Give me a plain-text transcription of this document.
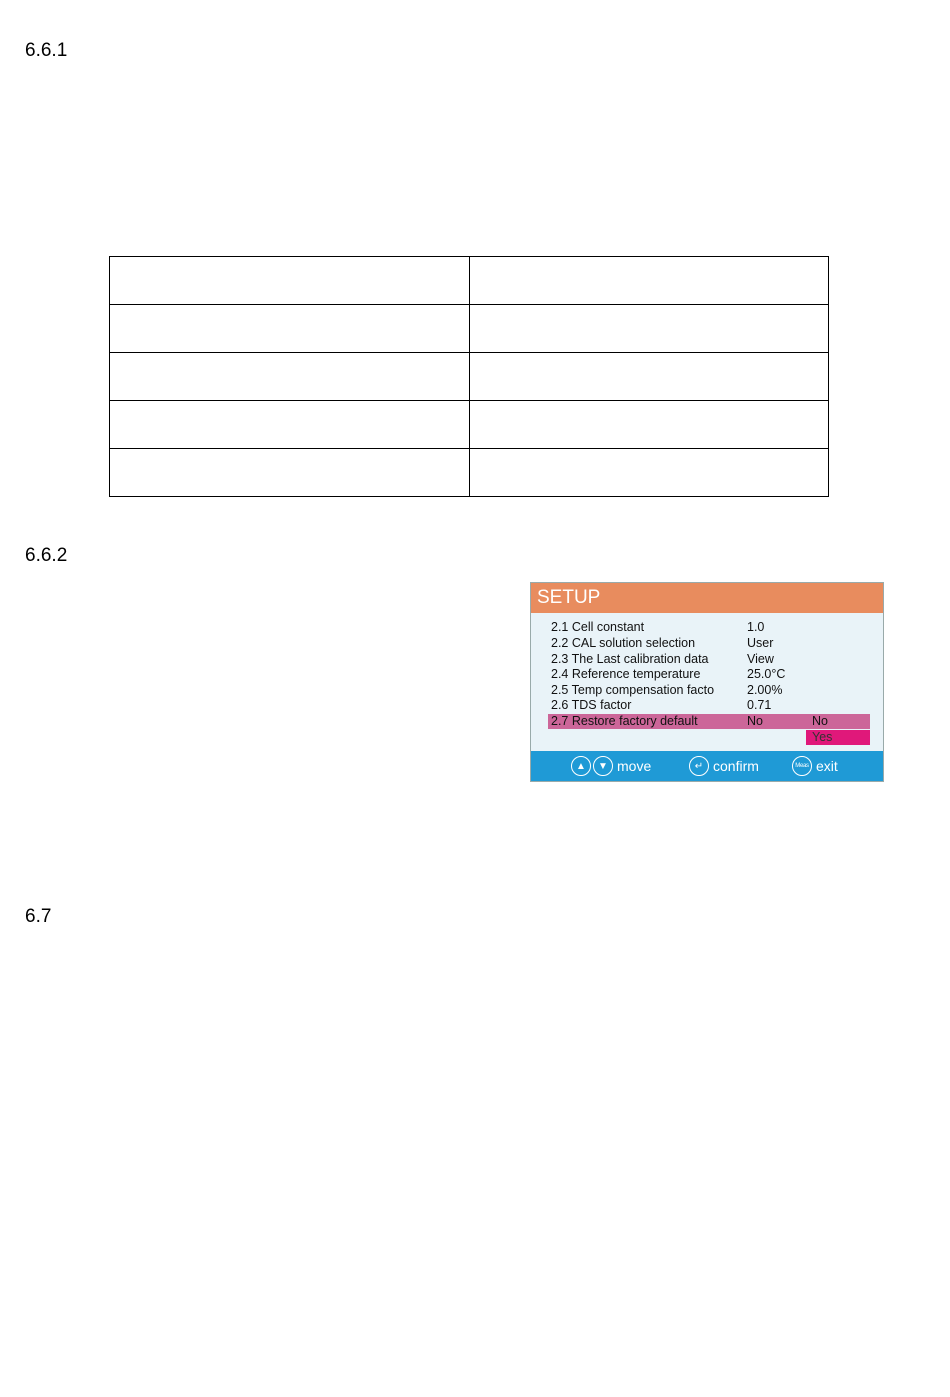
6.6.1

6.6.2
SETUP
2.1 Cell constant	1.0
2.2 CAL solution selection	User
2.3 The Last calibration data	View
2.4 Reference temperature	25.0°C
2.5 Temp compensation facto	2.00%
2.6 TDS factor	0.71
2.7 Restore factory default	No	No
Yes
▲	▼ move	↵ confirm	Meas exit
6.7
